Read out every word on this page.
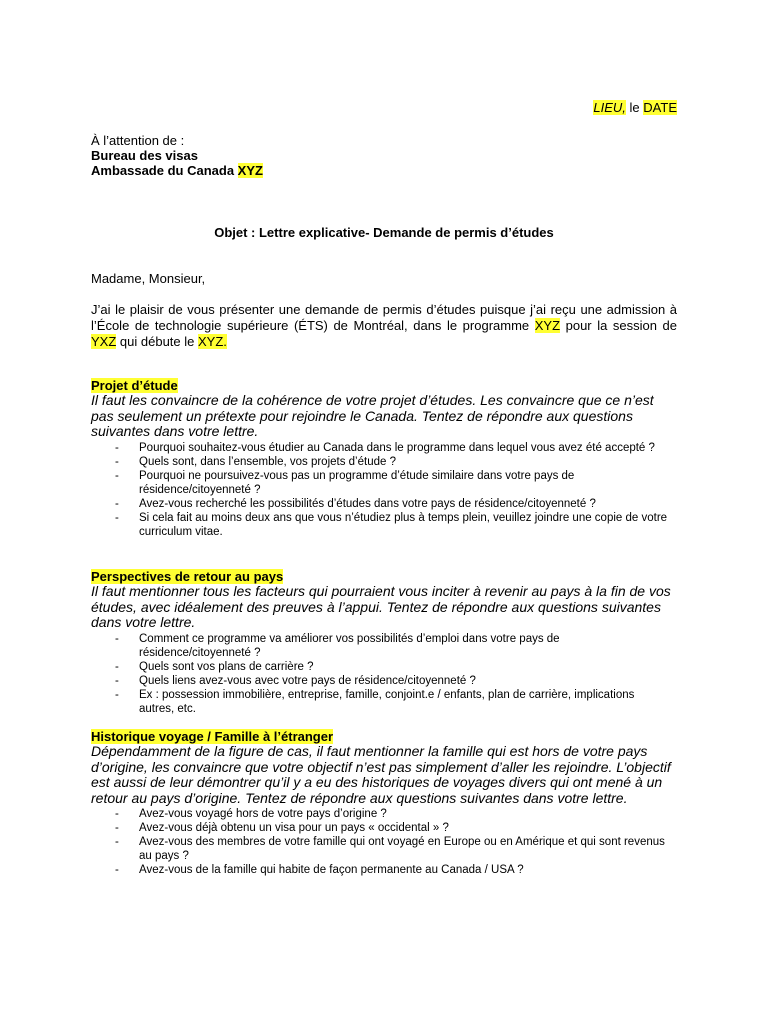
LIEU, le DATE
À l’attention de :
Bureau des visas
Ambassade du Canada XYZ
Objet : Lettre explicative- Demande de permis d’études
Madame, Monsieur,
J’ai le plaisir de vous présenter une demande de permis d’études puisque j’ai reçu une admission à l’École de technologie supérieure (ÉTS) de Montréal, dans le programme XYZ pour la session de YXZ qui débute le XYZ.
Projet d’étude
Il faut les convaincre de la cohérence de votre projet d’études. Les convaincre que ce n’est pas seulement un prétexte pour rejoindre le Canada. Tentez de répondre aux questions suivantes dans votre lettre.
- Pourquoi souhaitez-vous étudier au Canada dans le programme dans lequel vous avez été accepté ?
- Quels sont, dans l’ensemble, vos projets d’étude ?
- Pourquoi ne poursuivez-vous pas un programme d’étude similaire dans votre pays de résidence/citoyenneté ?
- Avez-vous recherché les possibilités d’études dans votre pays de résidence/citoyenneté ?
- Si cela fait au moins deux ans que vous n’étudiez plus à temps plein, veuillez joindre une copie de votre curriculum vitae.
Perspectives de retour au pays
Il faut mentionner tous les facteurs qui pourraient vous inciter à revenir au pays à la fin de vos études, avec idéalement des preuves à l’appui. Tentez de répondre aux questions suivantes dans votre lettre.
- Comment ce programme va améliorer vos possibilités d’emploi dans votre pays de résidence/citoyenneté ?
- Quels sont vos plans de carrière ?
- Quels liens avez-vous avec votre pays de résidence/citoyenneté ?
- Ex : possession immobilière, entreprise, famille, conjoint.e / enfants, plan de carrière, implications autres, etc.
Historique voyage / Famille à l’étranger
Dépendamment de la figure de cas, il faut mentionner la famille qui est hors de votre pays d’origine, les convaincre que votre objectif n’est pas simplement d’aller les rejoindre. L’objectif est aussi de leur démontrer qu’il y a eu des historiques de voyages divers qui ont mené à un retour au pays d’origine. Tentez de répondre aux questions suivantes dans votre lettre.
- Avez-vous voyagé hors de votre pays d’origine ?
- Avez-vous déjà obtenu un visa pour un pays « occidental » ?
- Avez-vous des membres de votre famille qui ont voyagé en Europe ou en Amérique et qui sont revenus au pays ?
- Avez-vous de la famille qui habite de façon permanente au Canada / USA ?
